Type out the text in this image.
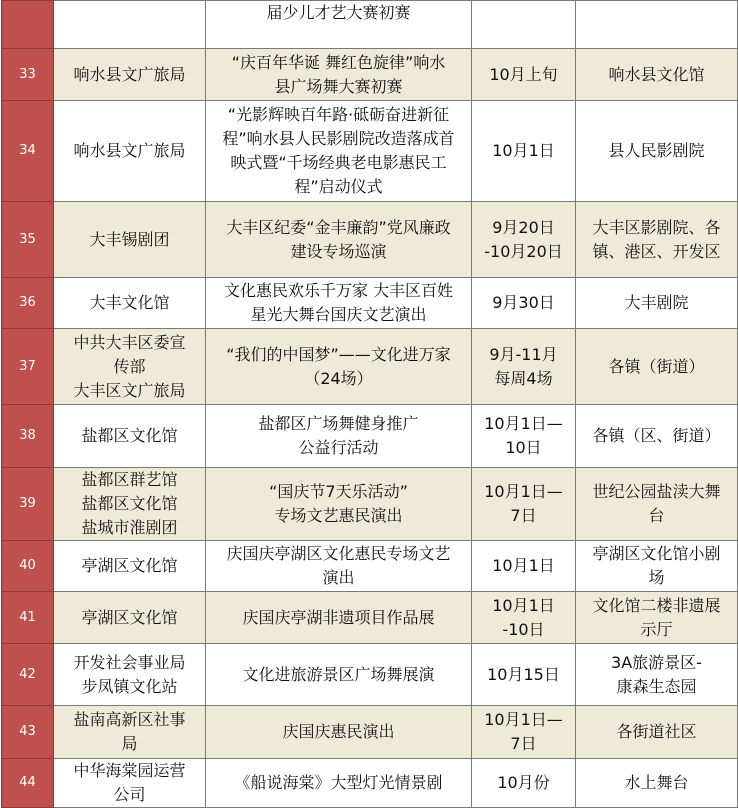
		届少儿才艺大赛初赛		

33	响水县文广旅局	“庆百年华诞 舞红色旋律”响水
县广场舞大赛初赛	10月上旬	响水县文化馆

34	响水县文广旅局	“光影辉映百年路·砥砺奋进新征
程”响水县人民影剧院改造落成首
映式暨“千场经典老电影惠民工
程”启动仪式	10月1日	县人民影剧院

35	大丰锡剧团	大丰区纪委“金丰廉韵”党风廉政
建设专场巡演	9月20日
-10月20日	大丰区影剧院、各
镇、港区、开发区

36	大丰文化馆	文化惠民欢乐千万家 大丰区百姓
星光大舞台国庆文艺演出	9月30日	大丰剧院

37	中共大丰区委宣
传部
大丰区文广旅局	“我们的中国梦”——文化进万家
（24场）	9月-11月
每周4场	各镇（街道）

38	盐都区文化馆	盐都区广场舞健身推广
公益行活动	10月1日—
10日	各镇（区、街道）

39	盐都区群艺馆
盐都区文化馆
盐城市淮剧团	“国庆节7天乐活动”
专场文艺惠民演出	10月1日—
7日	世纪公园盐渎大舞
台

40	亭湖区文化馆	庆国庆亭湖区文化惠民专场文艺
演出	10月1日	亭湖区文化馆小剧
场

41	亭湖区文化馆	庆国庆亭湖非遗项目作品展	10月1日
-10日	文化馆二楼非遗展
示厅

42	开发社会事业局
步凤镇文化站	文化进旅游景区广场舞展演	10月15日	3A旅游景区-
康森生态园

43	盐南高新区社事
局	庆国庆惠民演出	10月1日—
7日	各街道社区

44	中华海棠园运营
公司	《船说海棠》大型灯光情景剧	10月份	水上舞台
